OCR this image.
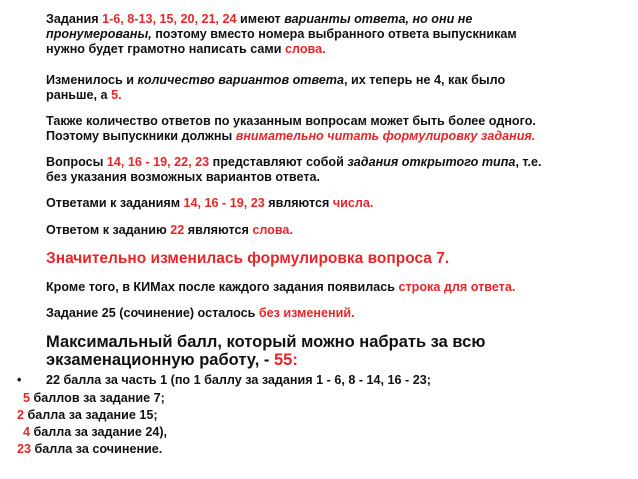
Задания 1-6, 8-13, 15, 20, 21, 24 имеют варианты ответа, но они не
пронумерованы, поэтому вместо номера выбранного ответа выпускникам
нужно будет грамотно написать сами слова.
Изменилось и количество вариантов ответа, их теперь не 4, как было
раньше, а 5.
Также количество ответов по указанным вопросам может быть более одного.
Поэтому выпускники должны внимательно читать формулировку задания.
Вопросы 14, 16 - 19, 22, 23 представляют собой задания открытого типа, т.е.
без указания возможных вариантов ответа.
Ответами к заданиям 14, 16 - 19, 23 являются числа.
Ответом к заданию 22 являются слова.
Значительно изменилась формулировка вопроса 7.
Кроме того, в КИМах после каждого задания появилась строка для ответа.
Задание 25 (сочинение) осталось без изменений.
Максимальный балл, который можно набрать за всю
экзаменационную работу, - 55:
• 22 балла за часть 1 (по 1 баллу за задания 1 - 6, 8 - 14, 16 - 23;
5 баллов за задание 7;
2 балла за задание 15;
4 балла за задание 24),
23 балла за сочинение.
